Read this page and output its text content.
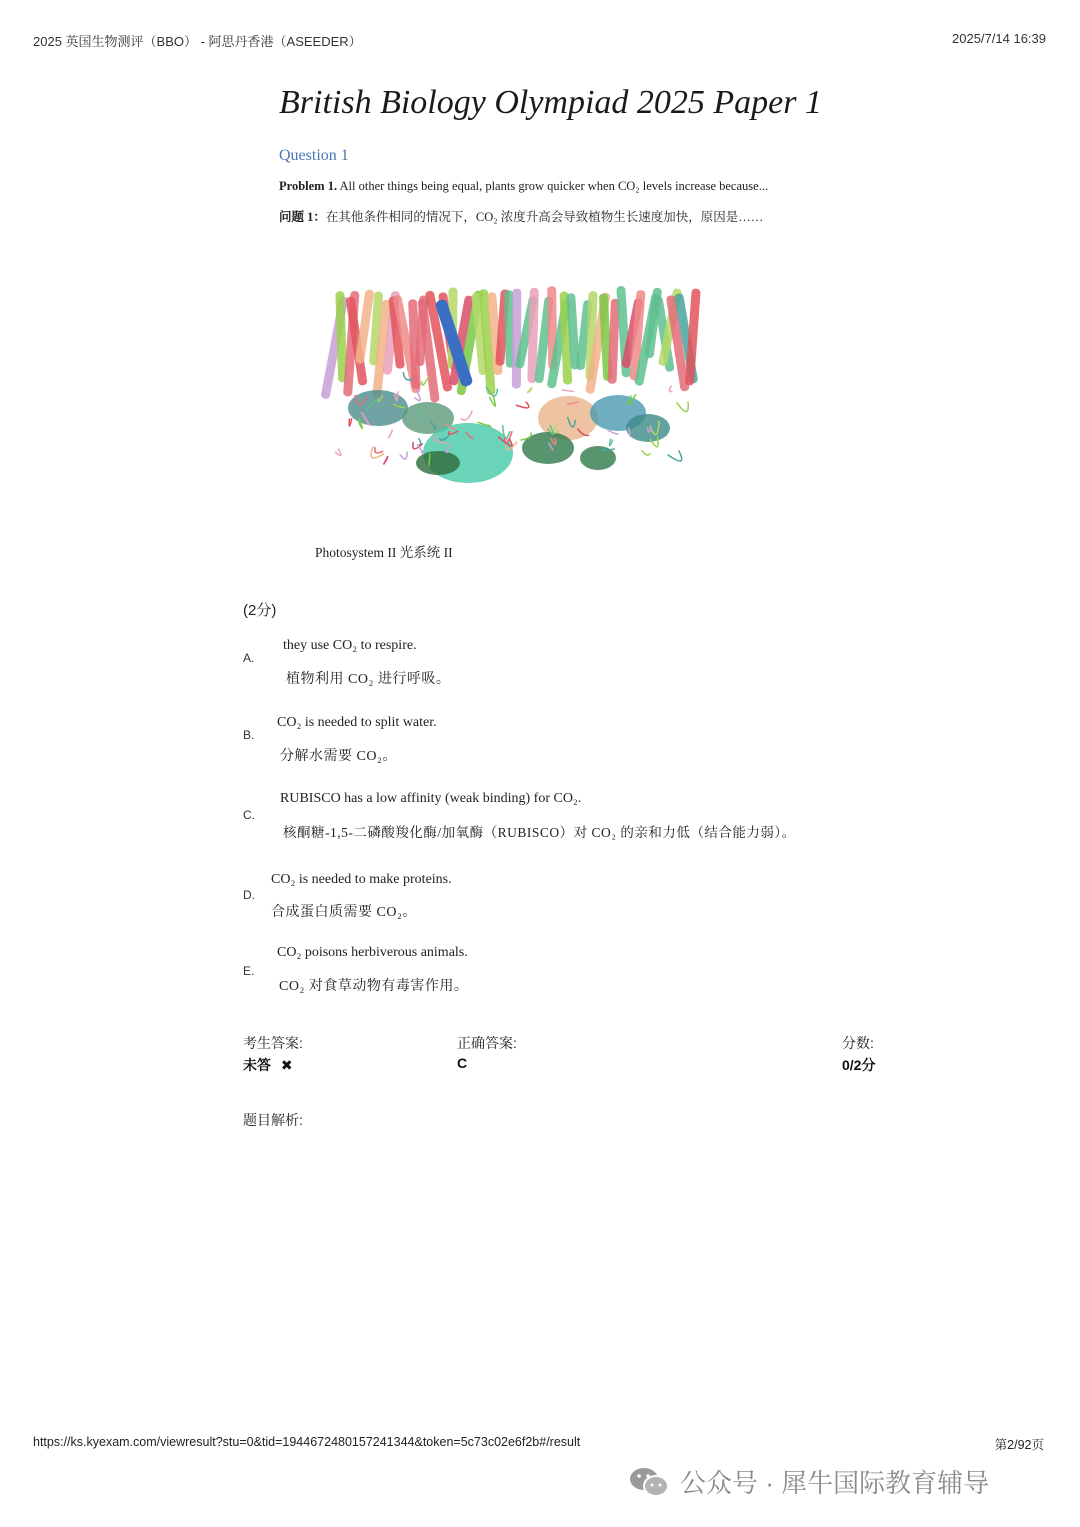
2025 英国生物测评（BBO） - 阿思丹香港（ASEEDER）	2025/7/14 16:39
British Biology Olympiad 2025 Paper 1
Question 1
Problem 1. All other things being equal, plants grow quicker when CO₂ levels increase because...
问题 1：在其他条件相同的情况下，CO₂ 浓度升高会导致植物生长速度加快，原因是……
Photosystem II 光系统 II
(2分)
A.
they use CO₂ to respire.
植物利用 CO₂ 进行呼吸。
B.
CO₂ is needed to split water.
分解水需要 CO₂。
C.
RUBISCO has a low affinity (weak binding) for CO₂.
核酮糖-1,5-二磷酸羧化酶/加氧酶（RUBISCO）对 CO₂ 的亲和力低（结合能力弱）。
D.
CO₂ is needed to make proteins.
合成蛋白质需要 CO₂。
E.
CO₂ poisons herbiverous animals.
CO₂ 对食草动物有毒害作用。
考生答案:
未答 ✖
正确答案:
C
分数:
0/2分
题目解析:
https://ks.kyexam.com/viewresult?stu=0&tid=1944672480157241344&token=5c73c02e6f2b#/result	第2/92页
公众号 · 犀牛国际教育辅导
